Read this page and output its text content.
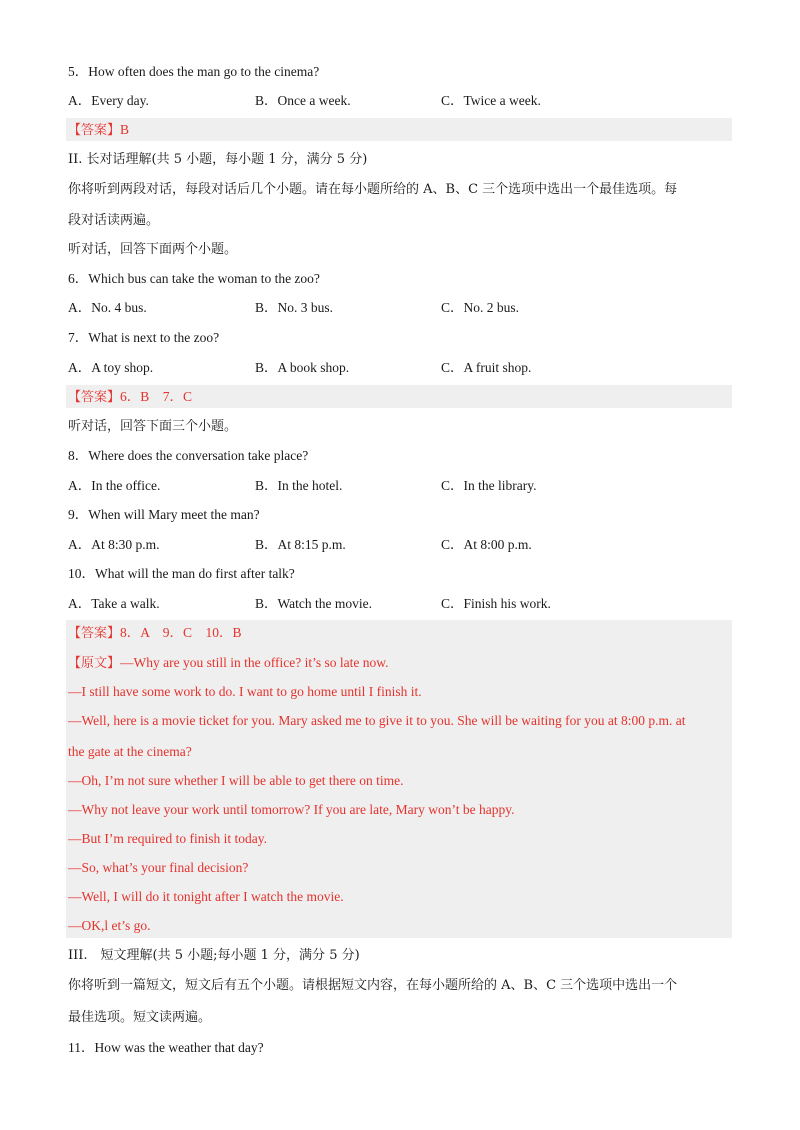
5．How often does the man go to the cinema?
A．Every day.	B．Once a week.	C．Twice a week.
【答案】B
II. 长对话理解(共 5 小题，每小题 1 分，满分 5 分)
你将听到两段对话，每段对话后几个小题。请在每小题所给的 A、B、C 三个选项中选出一个最佳选项。每
段对话读两遍。
听对话，回答下面两个小题。
6．Which bus can take the woman to the zoo?
A．No. 4 bus.	B．No. 3 bus.	C．No. 2 bus.
7．What is next to the zoo?
A．A toy shop.	B．A book shop.	C．A fruit shop.
【答案】6．B　7．C
听对话，回答下面三个小题。
8．Where does the conversation take place?
A．In the office.	B．In the hotel.	C．In the library.
9．When will Mary meet the man?
A．At 8:30 p.m.	B．At 8:15 p.m.	C．At 8:00 p.m.
10．What will the man do first after talk?
A．Take a walk.	B．Watch the movie.	C．Finish his work.
【答案】8．A　9．C　10．B
【原文】—Why are you still in the office? it’s so late now.
—I still have some work to do. I want to go home until I finish it.
—Well, here is a movie ticket for you. Mary asked me to give it to you. She will be waiting for you at 8:00 p.m. at
the gate at the cinema?
—Oh, I’m not sure whether I will be able to get there on time.
—Why not leave your work until tomorrow? If you are late, Mary won’t be happy.
—But I’m required to finish it today.
—So, what’s your final decision?
—Well, I will do it tonight after I watch the movie.
—OK,l et’s go.
III.　短文理解(共 5 小题;每小题 1 分，满分 5 分)
你将听到一篇短文，短文后有五个小题。请根据短文内容，在每小题所给的 A、B、C 三个选项中选出一个
最佳选项。短文读两遍。
11．How was the weather that day?
